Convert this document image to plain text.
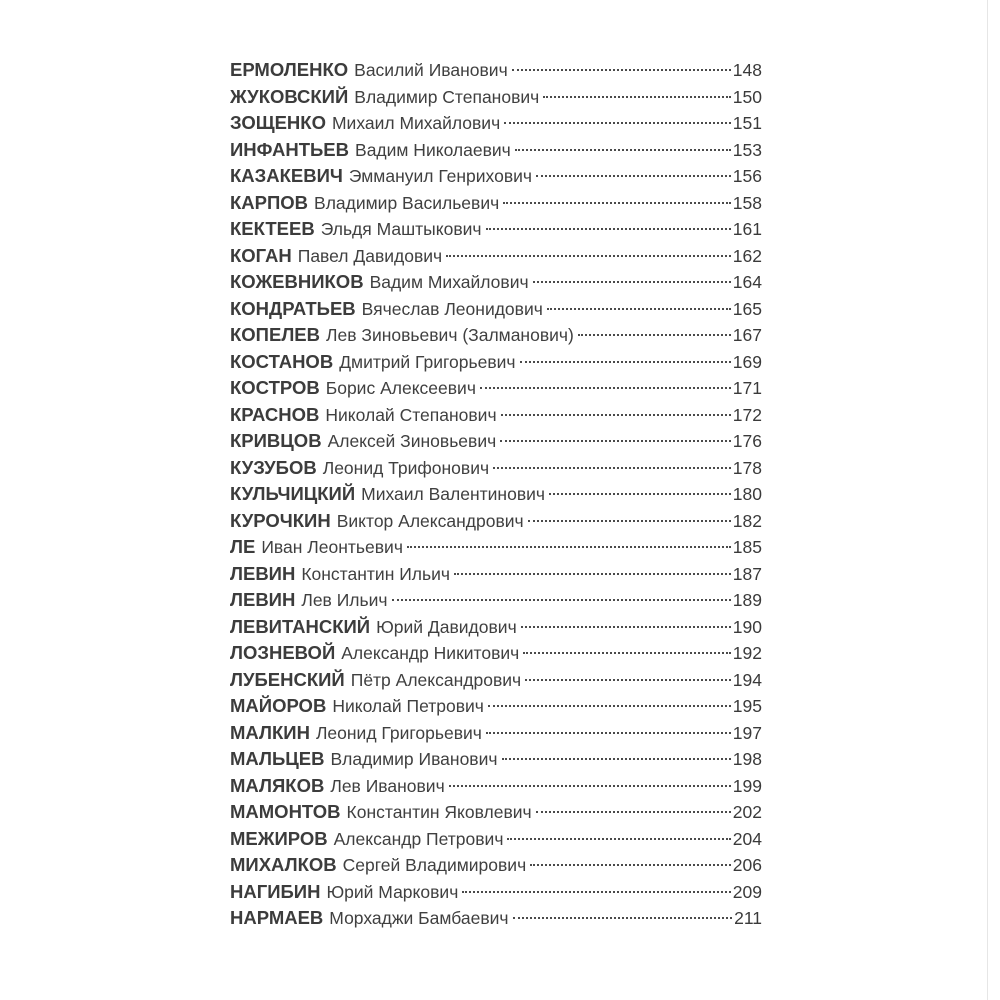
ЕРМОЛЕНКО Василий Иванович	148
ЖУКОВСКИЙ Владимир Степанович	150
ЗОЩЕНКО Михаил Михайлович	151
ИНФАНТЬЕВ Вадим Николаевич	153
КАЗАКЕВИЧ Эммануил Генрихович	156
КАРПОВ Владимир Васильевич	158
КЕКТЕЕВ Эльдя Маштыкович	161
КОГАН Павел Давидович	162
КОЖЕВНИКОВ Вадим Михайлович	164
КОНДРАТЬЕВ Вячеслав Леонидович	165
КОПЕЛЕВ Лев Зиновьевич (Залманович)	167
КОСТАНОВ Дмитрий Григорьевич	169
КОСТРОВ Борис Алексеевич	171
КРАСНОВ Николай Степанович	172
КРИВЦОВ Алексей Зиновьевич	176
КУЗУБОВ Леонид Трифонович	178
КУЛЬЧИЦКИЙ Михаил Валентинович	180
КУРОЧКИН Виктор Александрович	182
ЛЕ Иван Леонтьевич	185
ЛЕВИН Константин Ильич	187
ЛЕВИН Лев Ильич	189
ЛЕВИТАНСКИЙ Юрий Давидович	190
ЛОЗНЕВОЙ Александр Никитович	192
ЛУБЕНСКИЙ Пётр Александрович	194
МАЙОРОВ Николай Петрович	195
МАЛКИН Леонид Григорьевич	197
МАЛЬЦЕВ Владимир Иванович	198
МАЛЯКОВ Лев Иванович	199
МАМОНТОВ Константин Яковлевич	202
МЕЖИРОВ Александр Петрович	204
МИХАЛКОВ Сергей Владимирович	206
НАГИБИН Юрий Маркович	209
НАРМАЕВ Морхаджи Бамбаевич	211
